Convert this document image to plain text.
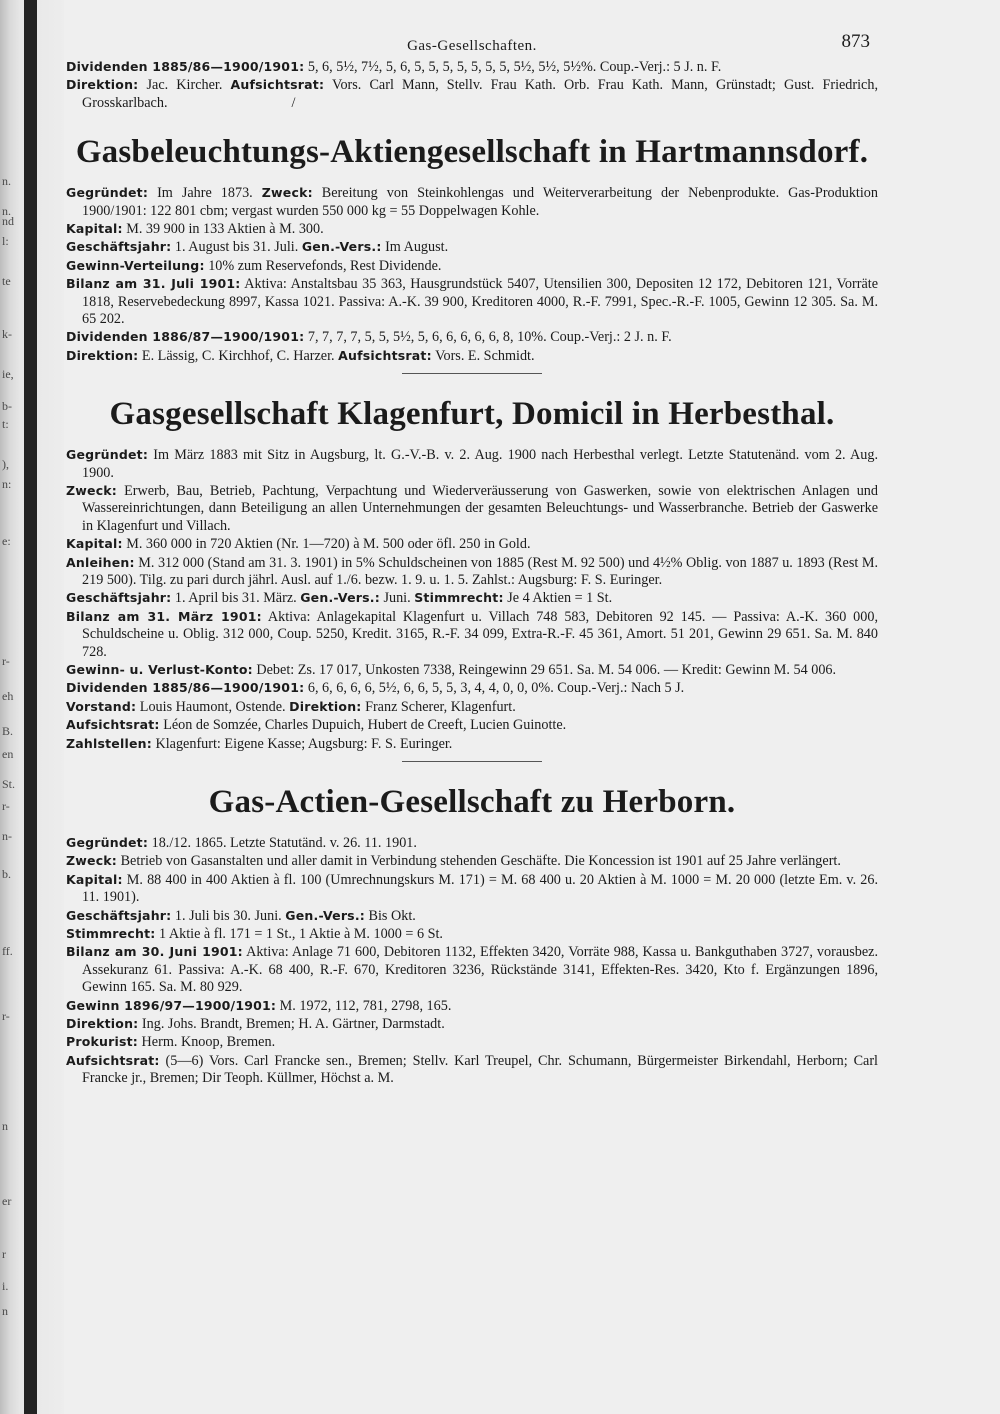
n.
n.
nd
l:
te
k-
ie,
b-
t:
),
n:
e:
r-
eh
B.
en
St.
r-
n-
b.
ff.
r-
n
er
r
i.
n
Gas-Gesellschaften.	873

Dividenden 1885/86—1900/1901: 5, 6, 5½, 7½, 5, 6, 5, 5, 5, 5, 5, 5, 5, 5½, 5½, 5½%. Coup.-Verj.: 5 J. n. F.

Direktion: Jac. Kircher. Aufsichtsrat: Vors. Carl Mann, Stellv. Frau Kath. Orb. Frau Kath. Mann, Grünstadt; Gust. Friedrich, Grosskarlbach.	/

Gasbeleuchtungs-Aktiengesellschaft in Hartmannsdorf.

Gegründet: Im Jahre 1873. Zweck: Bereitung von Steinkohlengas und Weiterverarbeitung der Nebenprodukte. Gas-Produktion 1900/1901: 122 801 cbm; vergast wurden 550 000 kg = 55 Doppelwagen Kohle.

Kapital: M. 39 900 in 133 Aktien à M. 300.

Geschäftsjahr: 1. August bis 31. Juli. Gen.-Vers.: Im August.

Gewinn-Verteilung: 10% zum Reservefonds, Rest Dividende.

Bilanz am 31. Juli 1901: Aktiva: Anstaltsbau 35 363, Hausgrundstück 5407, Utensilien 300, Depositen 12 172, Debitoren 121, Vorräte 1818, Reservebedeckung 8997, Kassa 1021. Passiva: A.-K. 39 900, Kreditoren 4000, R.-F. 7991, Spec.-R.-F. 1005, Gewinn 12 305. Sa. M. 65 202.

Dividenden 1886/87—1900/1901: 7, 7, 7, 7, 5, 5, 5½, 5, 6, 6, 6, 6, 6, 8, 10%. Coup.-Verj.: 2 J. n. F.

Direktion: E. Lässig, C. Kirchhof, C. Harzer. Aufsichtsrat: Vors. E. Schmidt.

Gasgesellschaft Klagenfurt, Domicil in Herbesthal.

Gegründet: Im März 1883 mit Sitz in Augsburg, lt. G.-V.-B. v. 2. Aug. 1900 nach Herbesthal verlegt. Letzte Statutenänd. vom 2. Aug. 1900.

Zweck: Erwerb, Bau, Betrieb, Pachtung, Verpachtung und Wiederveräusserung von Gaswerken, sowie von elektrischen Anlagen und Wassereinrichtungen, dann Beteiligung an allen Unternehmungen der gesamten Beleuchtungs- und Wasserbranche. Betrieb der Gaswerke in Klagenfurt und Villach.

Kapital: M. 360 000 in 720 Aktien (Nr. 1—720) à M. 500 oder öfl. 250 in Gold.

Anleihen: M. 312 000 (Stand am 31. 3. 1901) in 5% Schuldscheinen von 1885 (Rest M. 92 500) und 4½% Oblig. von 1887 u. 1893 (Rest M. 219 500). Tilg. zu pari durch jährl. Ausl. auf 1./6. bezw. 1. 9. u. 1. 5. Zahlst.: Augsburg: F. S. Euringer.

Geschäftsjahr: 1. April bis 31. März. Gen.-Vers.: Juni. Stimmrecht: Je 4 Aktien = 1 St.

Bilanz am 31. März 1901: Aktiva: Anlagekapital Klagenfurt u. Villach 748 583, Debitoren 92 145. — Passiva: A.-K. 360 000, Schuldscheine u. Oblig. 312 000, Coup. 5250, Kredit. 3165, R.-F. 34 099, Extra-R.-F. 45 361, Amort. 51 201, Gewinn 29 651. Sa. M. 840 728.

Gewinn- u. Verlust-Konto: Debet: Zs. 17 017, Unkosten 7338, Reingewinn 29 651. Sa. M. 54 006. — Kredit: Gewinn M. 54 006.

Dividenden 1885/86—1900/1901: 6, 6, 6, 6, 6, 5½, 6, 6, 5, 5, 3, 4, 4, 0, 0, 0%. Coup.-Verj.: Nach 5 J.

Vorstand: Louis Haumont, Ostende. Direktion: Franz Scherer, Klagenfurt.

Aufsichtsrat: Léon de Somzée, Charles Dupuich, Hubert de Creeft, Lucien Guinotte.

Zahlstellen: Klagenfurt: Eigene Kasse; Augsburg: F. S. Euringer.

Gas-Actien-Gesellschaft zu Herborn.

Gegründet: 18./12. 1865. Letzte Statutänd. v. 26. 11. 1901.

Zweck: Betrieb von Gasanstalten und aller damit in Verbindung stehenden Geschäfte. Die Koncession ist 1901 auf 25 Jahre verlängert.

Kapital: M. 88 400 in 400 Aktien à fl. 100 (Umrechnungskurs M. 171) = M. 68 400 u. 20 Aktien à M. 1000 = M. 20 000 (letzte Em. v. 26. 11. 1901).

Geschäftsjahr: 1. Juli bis 30. Juni. Gen.-Vers.: Bis Okt.

Stimmrecht: 1 Aktie à fl. 171 = 1 St., 1 Aktie à M. 1000 = 6 St.

Bilanz am 30. Juni 1901: Aktiva: Anlage 71 600, Debitoren 1132, Effekten 3420, Vorräte 988, Kassa u. Bankguthaben 3727, vorausbez. Assekuranz 61. Passiva: A.-K. 68 400, R.-F. 670, Kreditoren 3236, Rückstände 3141, Effekten-Res. 3420, Kto f. Ergänzungen 1896, Gewinn 165. Sa. M. 80 929.

Gewinn 1896/97—1900/1901: M. 1972, 112, 781, 2798, 165.

Direktion: Ing. Johs. Brandt, Bremen; H. A. Gärtner, Darmstadt.

Prokurist: Herm. Knoop, Bremen.

Aufsichtsrat: (5—6) Vors. Carl Francke sen., Bremen; Stellv. Karl Treupel, Chr. Schumann, Bürgermeister Birkendahl, Herborn; Carl Francke jr., Bremen; Dir Teoph. Küllmer, Höchst a. M.
